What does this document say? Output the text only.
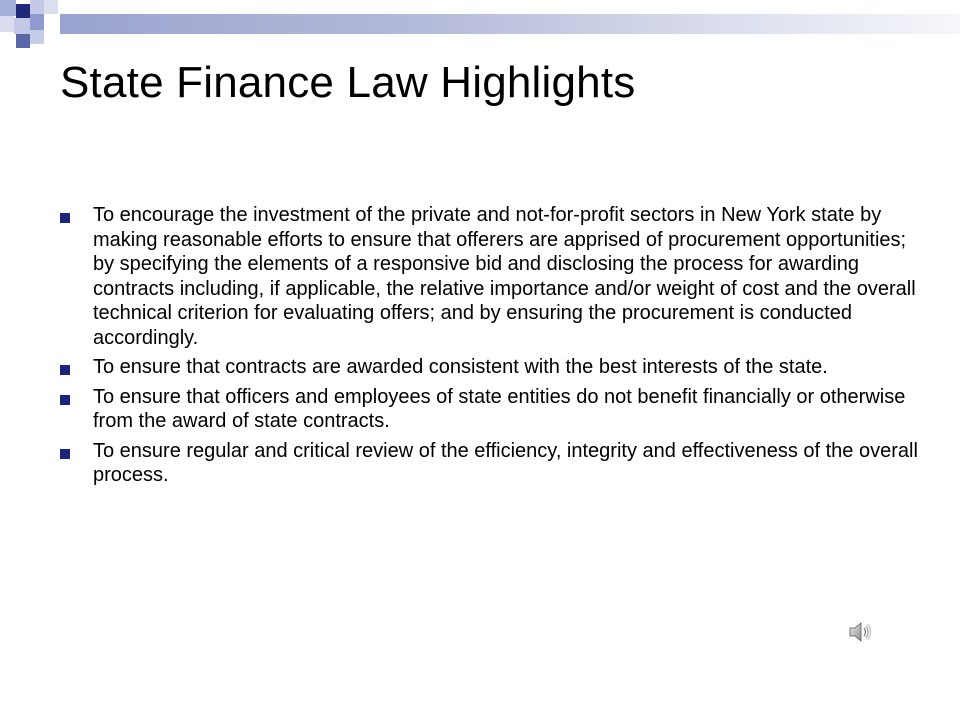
State Finance Law Highlights
To encourage the investment of the private and not-for-profit sectors in New York state by making reasonable efforts to ensure that offerers are apprised of procurement opportunities; by specifying the elements of a responsive bid and disclosing the process for awarding contracts including, if applicable, the relative importance and/or weight of cost and the overall technical criterion for evaluating offers; and by ensuring the procurement is conducted accordingly.
To ensure that contracts are awarded consistent with the best interests of the state.
To ensure that officers and employees of state entities do not benefit financially or otherwise from the award of state contracts.
To ensure regular and critical review of the efficiency, integrity and effectiveness of the overall process.
